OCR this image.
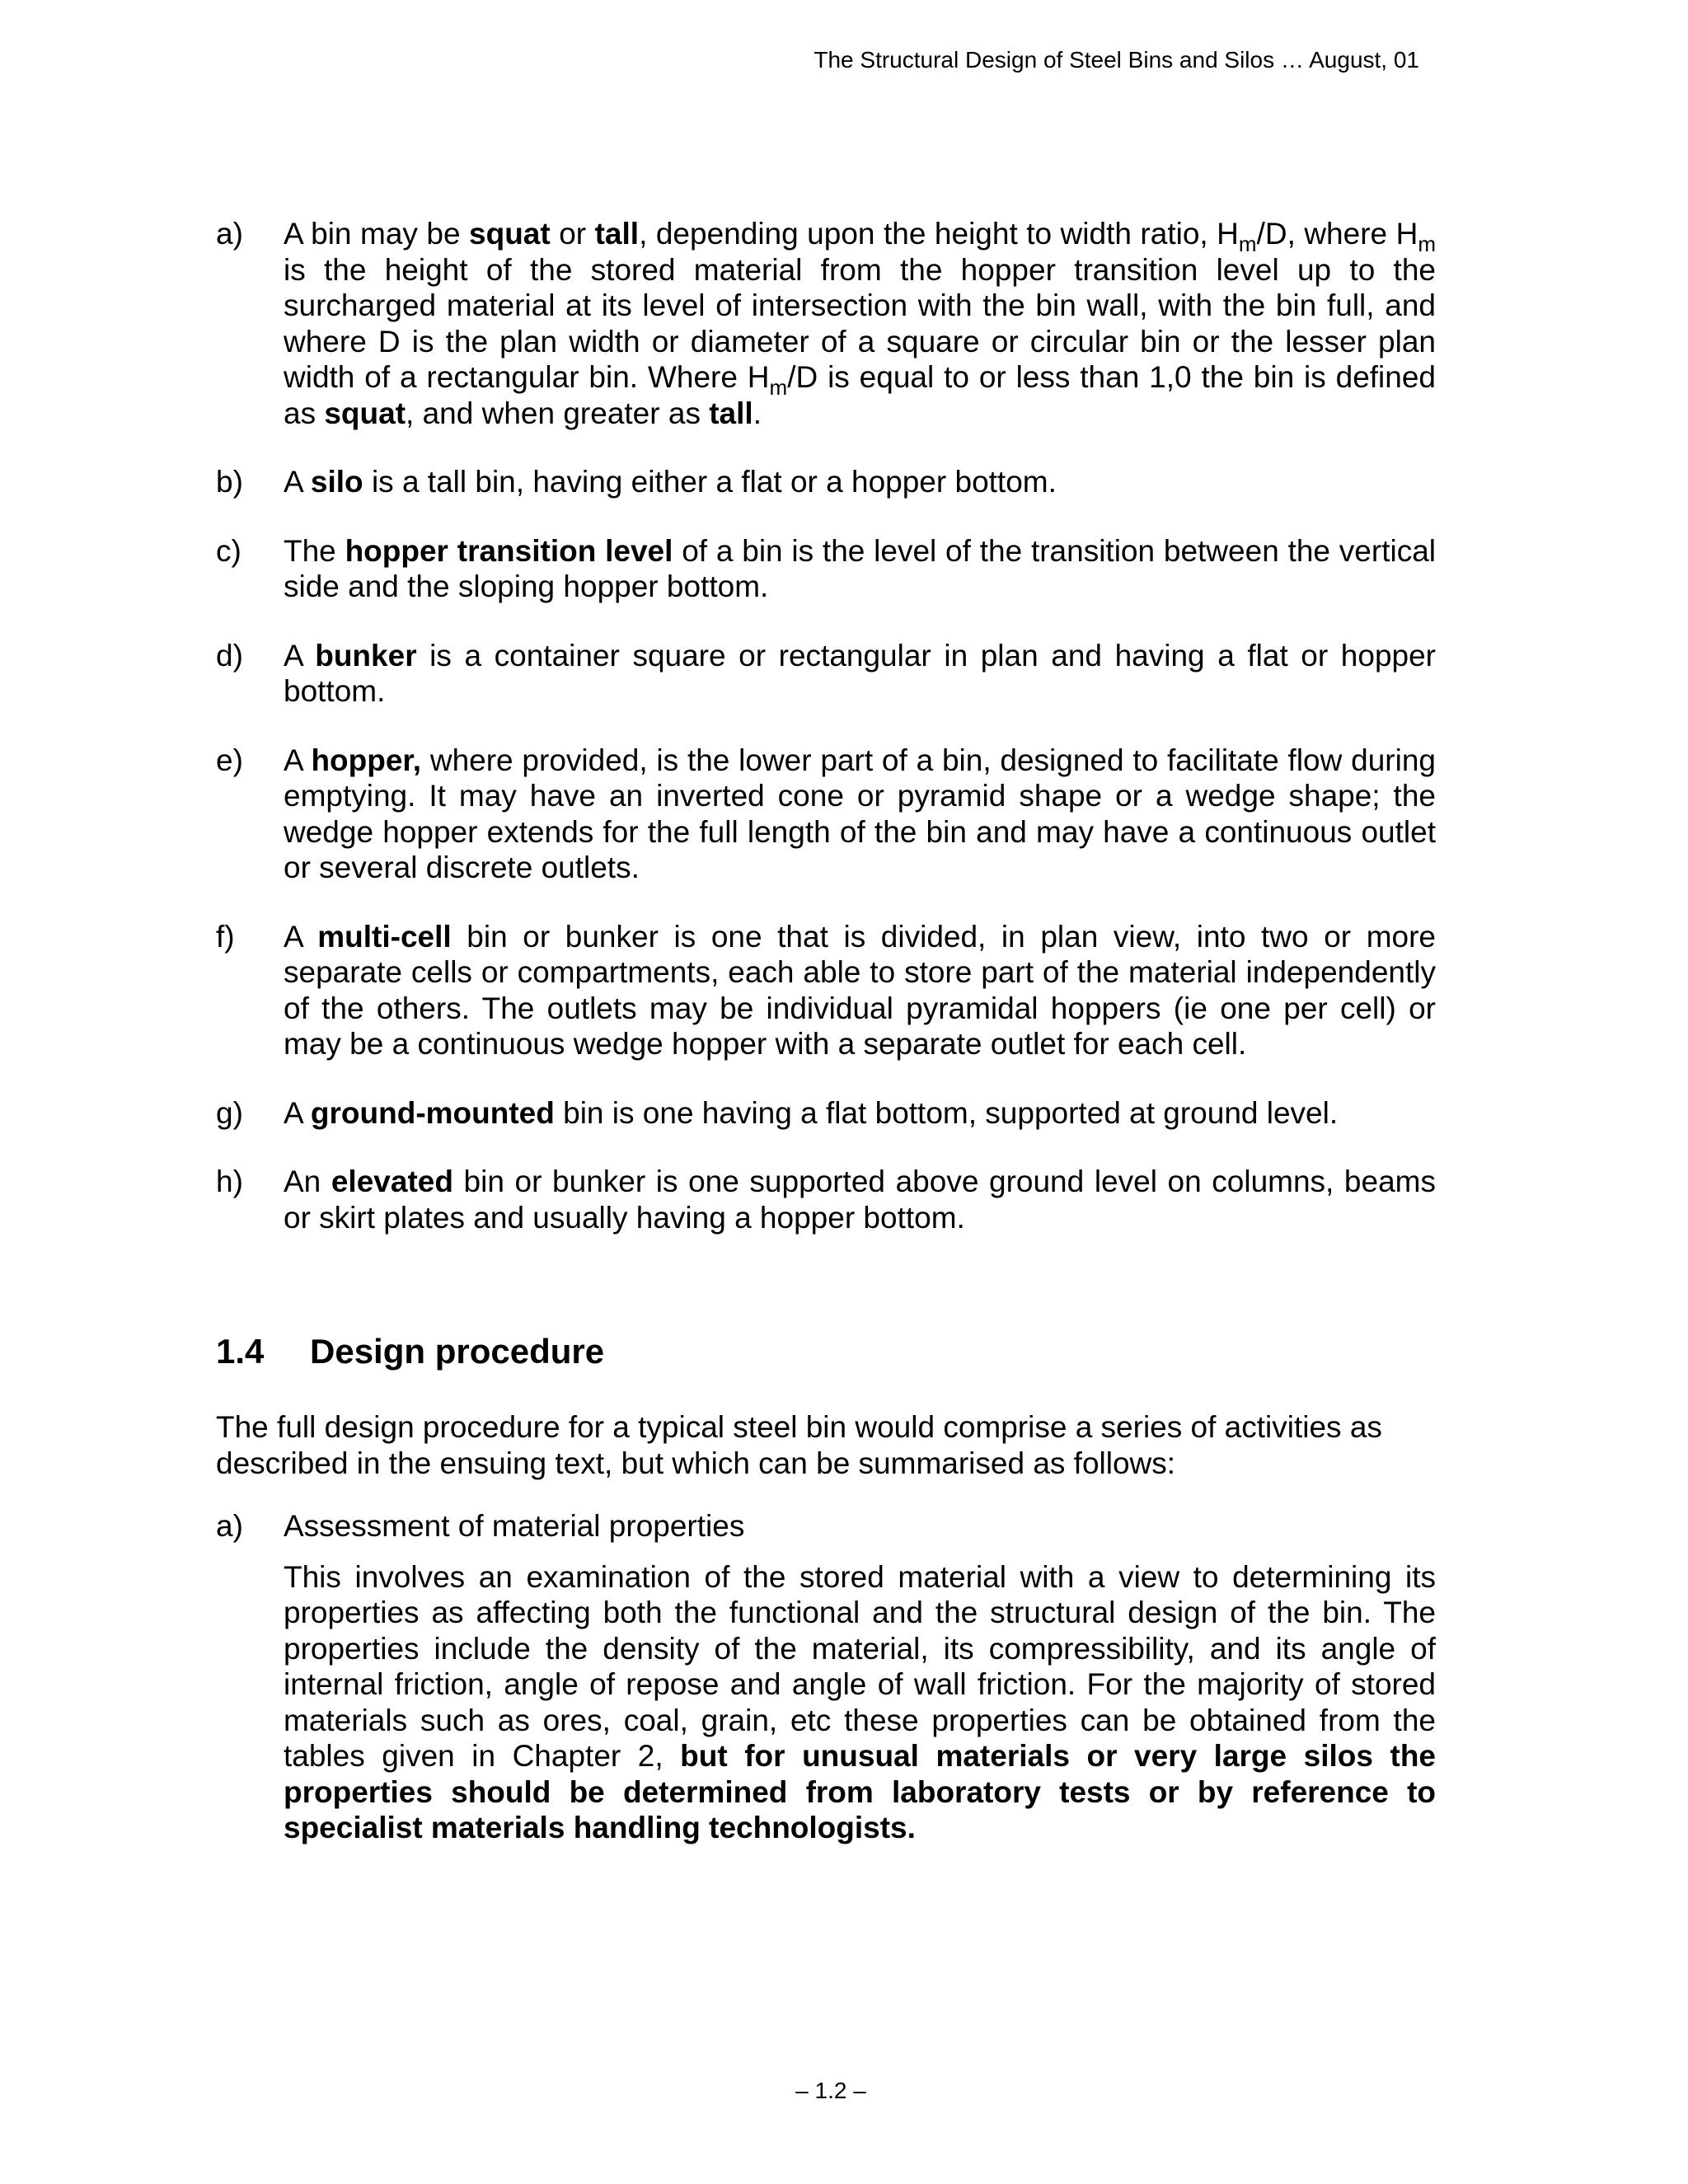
The Structural Design of Steel Bins and Silos … August, 01
a) A bin may be squat or tall, depending upon the height to width ratio, $H_m/D$, where $H_m$ is the height of the stored material from the hopper transition level up to the surcharged material at its level of intersection with the bin wall, with the bin full, and where D is the plan width or diameter of a square or circular bin or the lesser plan width of a rectangular bin. Where $H_m/D$ is equal to or less than 1,0 the bin is defined as squat, and when greater as tall.
b) A silo is a tall bin, having either a flat or a hopper bottom.
c) The hopper transition level of a bin is the level of the transition between the vertical side and the sloping hopper bottom.
d) A bunker is a container square or rectangular in plan and having a flat or hopper bottom.
e) A hopper, where provided, is the lower part of a bin, designed to facilitate flow during emptying. It may have an inverted cone or pyramid shape or a wedge shape; the wedge hopper extends for the full length of the bin and may have a continuous outlet or several discrete outlets.
f) A multi-cell bin or bunker is one that is divided, in plan view, into two or more separate cells or compartments, each able to store part of the material independently of the others. The outlets may be individual pyramidal hoppers (ie one per cell) or may be a continuous wedge hopper with a separate outlet for each cell.
g) A ground-mounted bin is one having a flat bottom, supported at ground level.
h) An elevated bin or bunker is one supported above ground level on columns, beams or skirt plates and usually having a hopper bottom.
1.4 Design procedure
The full design procedure for a typical steel bin would comprise a series of activities as described in the ensuing text, but which can be summarised as follows:
a) Assessment of material properties
This involves an examination of the stored material with a view to determining its properties as affecting both the functional and the structural design of the bin. The properties include the density of the material, its compressibility, and its angle of internal friction, angle of repose and angle of wall friction. For the majority of stored materials such as ores, coal, grain, etc these properties can be obtained from the tables given in Chapter 2, but for unusual materials or very large silos the properties should be determined from laboratory tests or by reference to specialist materials handling technologists.
– 1.2 –
